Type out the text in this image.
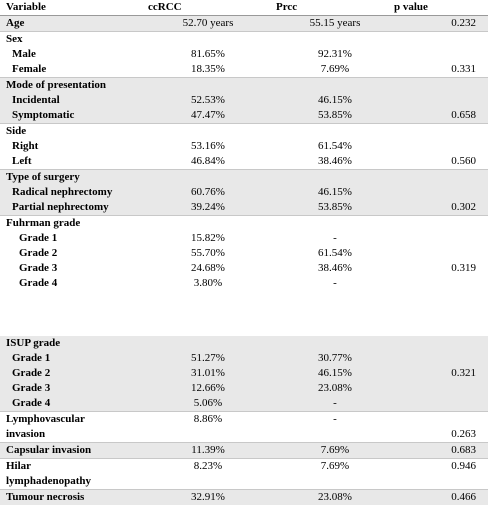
Variable	ccRCC	Prcc	p value
Age	52.70 years	55.15 years	0.232
Sex			
Male	81.65%	92.31%	
Female	18.35%	7.69%	0.331
Mode of presentation			
Incidental	52.53%	46.15%	
Symptomatic	47.47%	53.85%	0.658
Side			
Right	53.16%	61.54%	
Left	46.84%	38.46%	0.560
Type of surgery			
Radical nephrectomy	60.76%	46.15%	
Partial nephrectomy	39.24%	53.85%	0.302
Fuhrman grade			
Grade 1	15.82%	-	
Grade 2	55.70%	61.54%	
Grade 3	24.68%	38.46%	0.319
Grade 4	3.80%	-	

ISUP grade			
Grade 1	51.27%	30.77%	
Grade 2	31.01%	46.15%	0.321
Grade 3	12.66%	23.08%	
Grade 4	5.06%	-	
Lymphovascular	8.86%	-	
invasion			0.263
Capsular invasion	11.39%	7.69%	0.683
Hilar	8.23%	7.69%	0.946
lymphadenopathy			
Tumour necrosis	32.91%	23.08%	0.466
